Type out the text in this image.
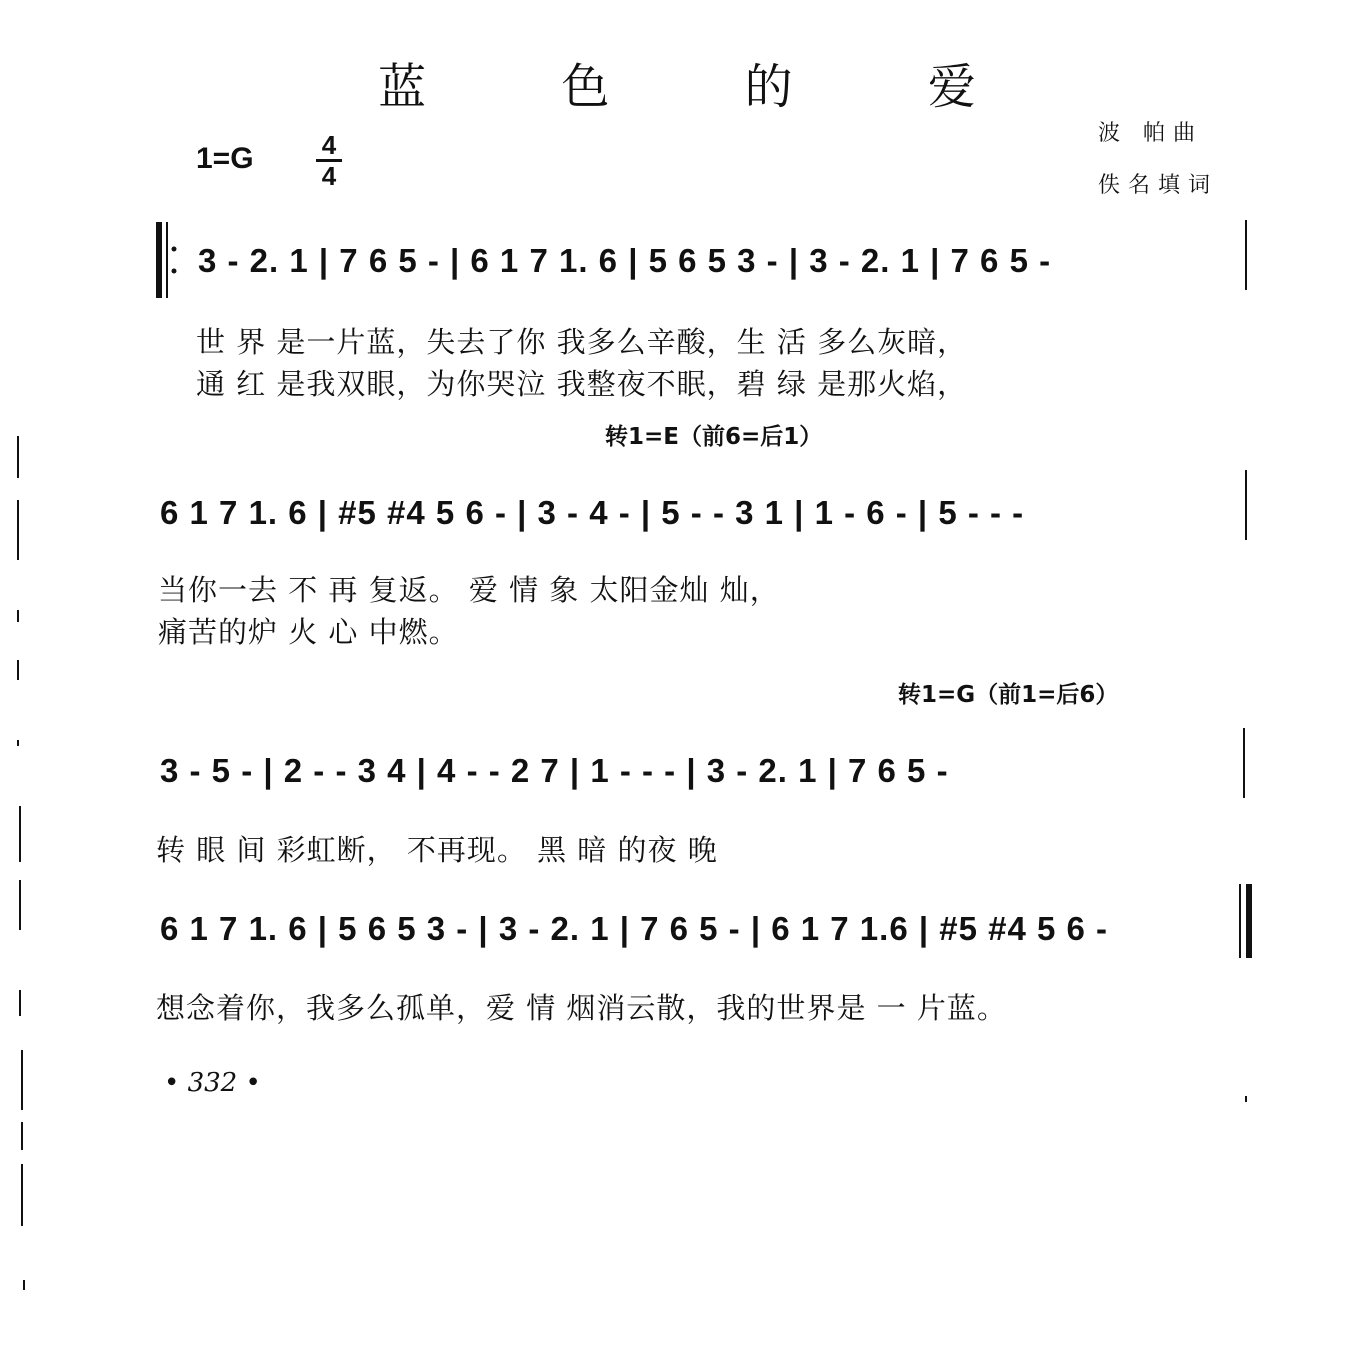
蓝 色 的 爱
波 帕曲
佚名填词
1=G	4
4
3 - 2. 1 | 7 6 5 - | 6 1 7 1. 6 | 5 6 5 3 - | 3 - 2. 1 | 7 6 5 -
世 界 是一片蓝，失去了你 我多么辛酸，生 活 多么灰暗，
通 红 是我双眼，为你哭泣 我整夜不眠，碧 绿 是那火焰，
转1=E（前6=后1）
6 1 7 1. 6 | #5 #4 5 6 - | 3 - 4 - | 5 - - 3 1 | 1 - 6 - | 5 - - -
当你一去 不 再 复返。 爱 情 象 太阳金灿 灿，
痛苦的炉 火 心 中燃。
转1=G（前1=后6）
3 - 5 - | 2 - - 3 4 | 4 - - 2 7 | 1 - - - | 3 - 2. 1 | 7 6 5 -
转 眼 间 彩虹断， 不再现。 黑 暗 的夜 晚
6 1 7 1. 6 | 5 6 5 3 - | 3 - 2. 1 | 7 6 5 - | 6 1 7 1.6 | #5 #4 5 6 -
想念着你，我多么孤单，爱 情 烟消云散，我的世界是 一 片蓝。
• 332 •
